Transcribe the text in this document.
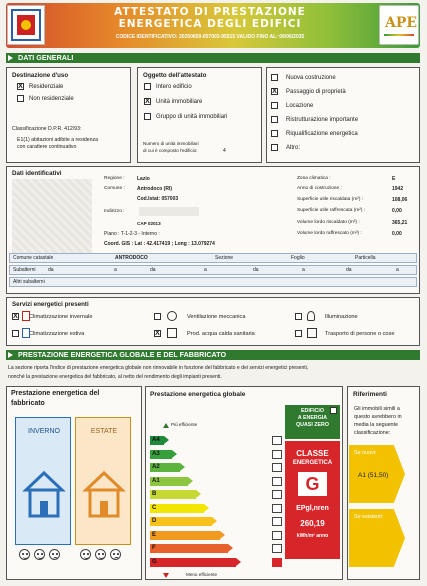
ATTESTATO DI PRESTAZIONE
ENERGETICA DEGLI EDIFICI
CODICE IDENTIFICATIVO: 20250609-057003-95515 VALIDO FINO AL: 09/06/2035
APE
DATI GENERALI
Destinazione d'uso
X Residenziale
Non residenziale
Classificazione D.P.R. 412/93:
E1(1) abitazioni adibite a residenza
con carattere continuativo
Oggetto dell'attestato
Intero edificio
X Unità immobiliare
Gruppo di unità immobiliari
Numero di unità immobiliari
di cui è composto l'edificio:	4
Nuova costruzione
X Passaggio di proprietà
Locazione
Ristrutturazione importante
Riqualificazione energetica
Altro:
Dati identificativi
Regione : Lazio
Comune : Antrodoco (RI)
Cod.Istat: 057003
Indirizzo :
CAP 02013
Piano : T-1-2-3 - Interno :
Coord. GIS : Lat : 42.417419 ; Long : 13.079274
Zona climatica :	E
Anno di costruzione :	1942
Superficie utile riscaldata (m²) :	108,06
Superficie utile raffrescata (m²) :	0,00
Volume lordo riscaldato (m³) :	365,21
Volume lordo raffrescato (m³) :	0,00
Comune catastale	ANTRODOCO	Sezione	Foglio	Particella
Subalterni da	a	da	a	da	a	da	a
Altri subalterni
Servizi energetici presenti
X Climatizzazione invernale	Ventilazione meccanica	Illuminazione
Climatizzazione estiva	X	Prod. acqua calda sanitaria	Trasporto di persone o cose
PRESTAZIONE ENERGETICA GLOBALE E DEL FABBRICATO
La sezione riporta l'indice di prestazione energetica globale non rinnovabile in funzione del fabbricato e dei servizi energetici presenti,
nonché la prestazione energetica del fabbricato, al netto del rendimento degli impianti presenti.
Prestazione energetica del
fabbricato
INVERNO	ESTATE
Prestazione energetica globale
Più efficiente
A4
A3
A2
A1
B
C
D
E
F
G
Meno efficiente
EDIFICIO
A ENERGIA
QUASI ZERO
CLASSE
ENERGETICA
G
EPgl,nren
260,19
kWh/m² anno
Riferimenti
Gli immobili simili a
questo avrebbero in
media la seguente
classificazione:
Se nuovi:
A1 (51,50)
Se esistenti:
